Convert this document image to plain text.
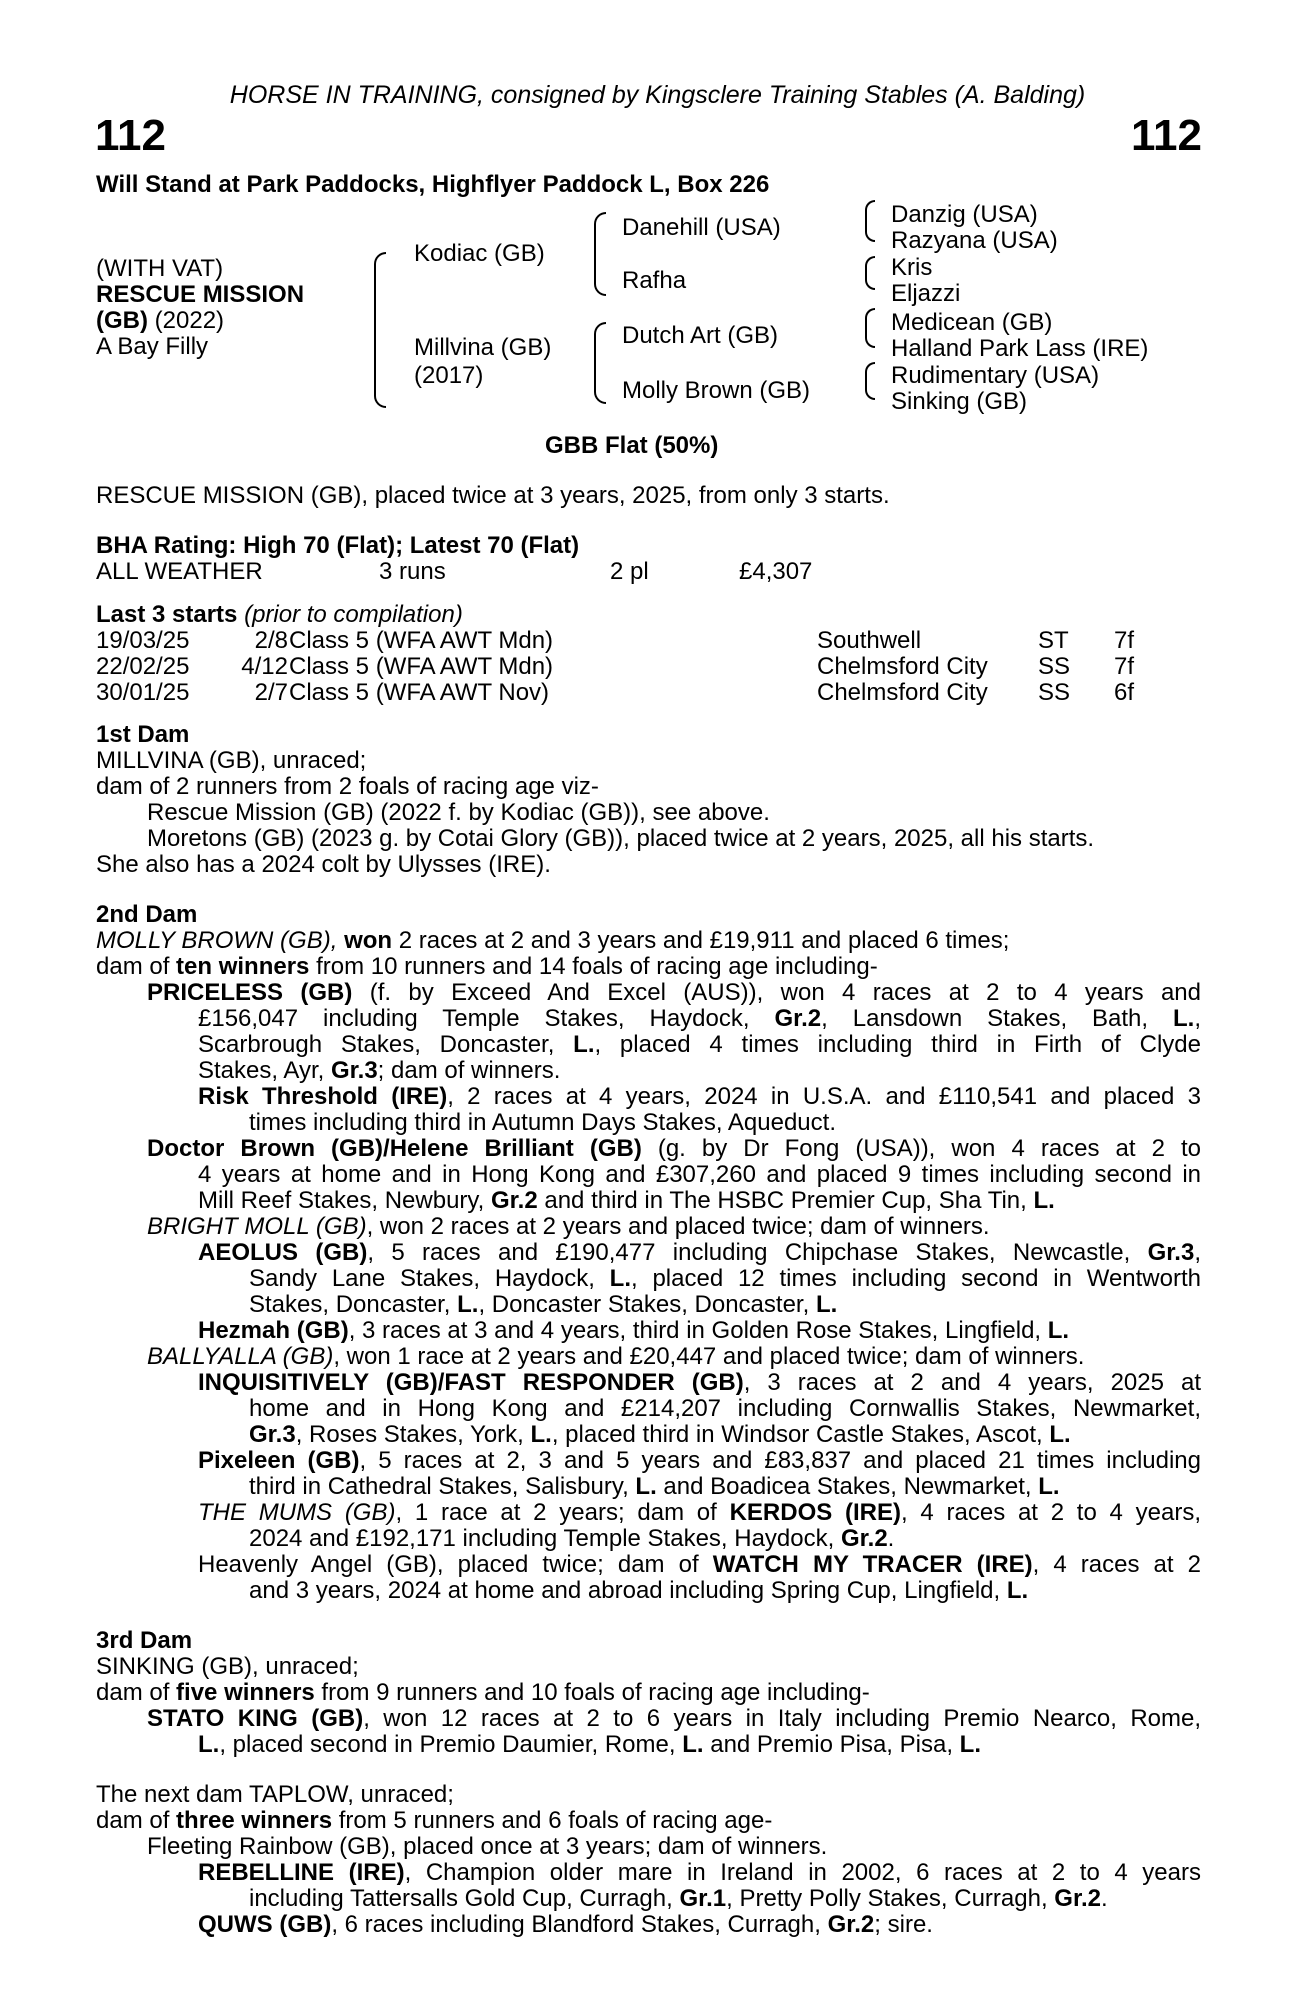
HORSE IN TRAINING, consigned by Kingsclere Training Stables (A. Balding)
112	112
Will Stand at Park Paddocks, Highflyer Paddock L, Box 226
(WITH VAT)
RESCUE MISSION
(GB) (2022)
A Bay Filly
Kodiac (GB)
Millvina (GB)
(2017)
Danehill (USA)
Rafha
Dutch Art (GB)
Molly Brown (GB)
Danzig (USA)
Razyana (USA)
Kris
Eljazzi
Medicean (GB)
Halland Park Lass (IRE)
Rudimentary (USA)
Sinking (GB)
GBB Flat (50%)
RESCUE MISSION (GB), placed twice at 3 years, 2025, from only 3 starts.
BHA Rating: High 70 (Flat); Latest 70 (Flat)
ALL WEATHER	3 runs	2 pl	£4,307
Last 3 starts (prior to compilation)
19/03/25	2/8 Class 5 (WFA AWT Mdn)	Southwell	ST 7f
22/02/25	4/12 Class 5 (WFA AWT Mdn)	Chelmsford City SS 7f
30/01/25	2/7 Class 5 (WFA AWT Nov)	Chelmsford City SS 6f
1st Dam
MILLVINA (GB), unraced;
dam of 2 runners from 2 foals of racing age viz-
Rescue Mission (GB) (2022 f. by Kodiac (GB)), see above.
Moretons (GB) (2023 g. by Cotai Glory (GB)), placed twice at 2 years, 2025, all his starts.
She also has a 2024 colt by Ulysses (IRE).
2nd Dam
MOLLY BROWN (GB), won 2 races at 2 and 3 years and £19,911 and placed 6 times;
dam of ten winners from 10 runners and 14 foals of racing age including-
PRICELESS (GB) (f. by Exceed And Excel (AUS)), won 4 races at 2 to 4 years and
£156,047 including Temple Stakes, Haydock, Gr.2, Lansdown Stakes, Bath, L.,
Scarbrough Stakes, Doncaster, L., placed 4 times including third in Firth of Clyde
Stakes, Ayr, Gr.3; dam of winners.
Risk Threshold (IRE), 2 races at 4 years, 2024 in U.S.A. and £110,541 and placed 3
times including third in Autumn Days Stakes, Aqueduct.
Doctor Brown (GB)/Helene Brilliant (GB) (g. by Dr Fong (USA)), won 4 races at 2 to
4 years at home and in Hong Kong and £307,260 and placed 9 times including second in
Mill Reef Stakes, Newbury, Gr.2 and third in The HSBC Premier Cup, Sha Tin, L.
BRIGHT MOLL (GB), won 2 races at 2 years and placed twice; dam of winners.
AEOLUS (GB), 5 races and £190,477 including Chipchase Stakes, Newcastle, Gr.3,
Sandy Lane Stakes, Haydock, L., placed 12 times including second in Wentworth
Stakes, Doncaster, L., Doncaster Stakes, Doncaster, L.
Hezmah (GB), 3 races at 3 and 4 years, third in Golden Rose Stakes, Lingfield, L.
BALLYALLA (GB), won 1 race at 2 years and £20,447 and placed twice; dam of winners.
INQUISITIVELY (GB)/FAST RESPONDER (GB), 3 races at 2 and 4 years, 2025 at
home and in Hong Kong and £214,207 including Cornwallis Stakes, Newmarket,
Gr.3, Roses Stakes, York, L., placed third in Windsor Castle Stakes, Ascot, L.
Pixeleen (GB), 5 races at 2, 3 and 5 years and £83,837 and placed 21 times including
third in Cathedral Stakes, Salisbury, L. and Boadicea Stakes, Newmarket, L.
THE MUMS (GB), 1 race at 2 years; dam of KERDOS (IRE), 4 races at 2 to 4 years,
2024 and £192,171 including Temple Stakes, Haydock, Gr.2.
Heavenly Angel (GB), placed twice; dam of WATCH MY TRACER (IRE), 4 races at 2
and 3 years, 2024 at home and abroad including Spring Cup, Lingfield, L.
3rd Dam
SINKING (GB), unraced;
dam of five winners from 9 runners and 10 foals of racing age including-
STATO KING (GB), won 12 races at 2 to 6 years in Italy including Premio Nearco, Rome,
L., placed second in Premio Daumier, Rome, L. and Premio Pisa, Pisa, L.
The next dam TAPLOW, unraced;
dam of three winners from 5 runners and 6 foals of racing age-
Fleeting Rainbow (GB), placed once at 3 years; dam of winners.
REBELLINE (IRE), Champion older mare in Ireland in 2002, 6 races at 2 to 4 years
including Tattersalls Gold Cup, Curragh, Gr.1, Pretty Polly Stakes, Curragh, Gr.2.
QUWS (GB), 6 races including Blandford Stakes, Curragh, Gr.2; sire.
